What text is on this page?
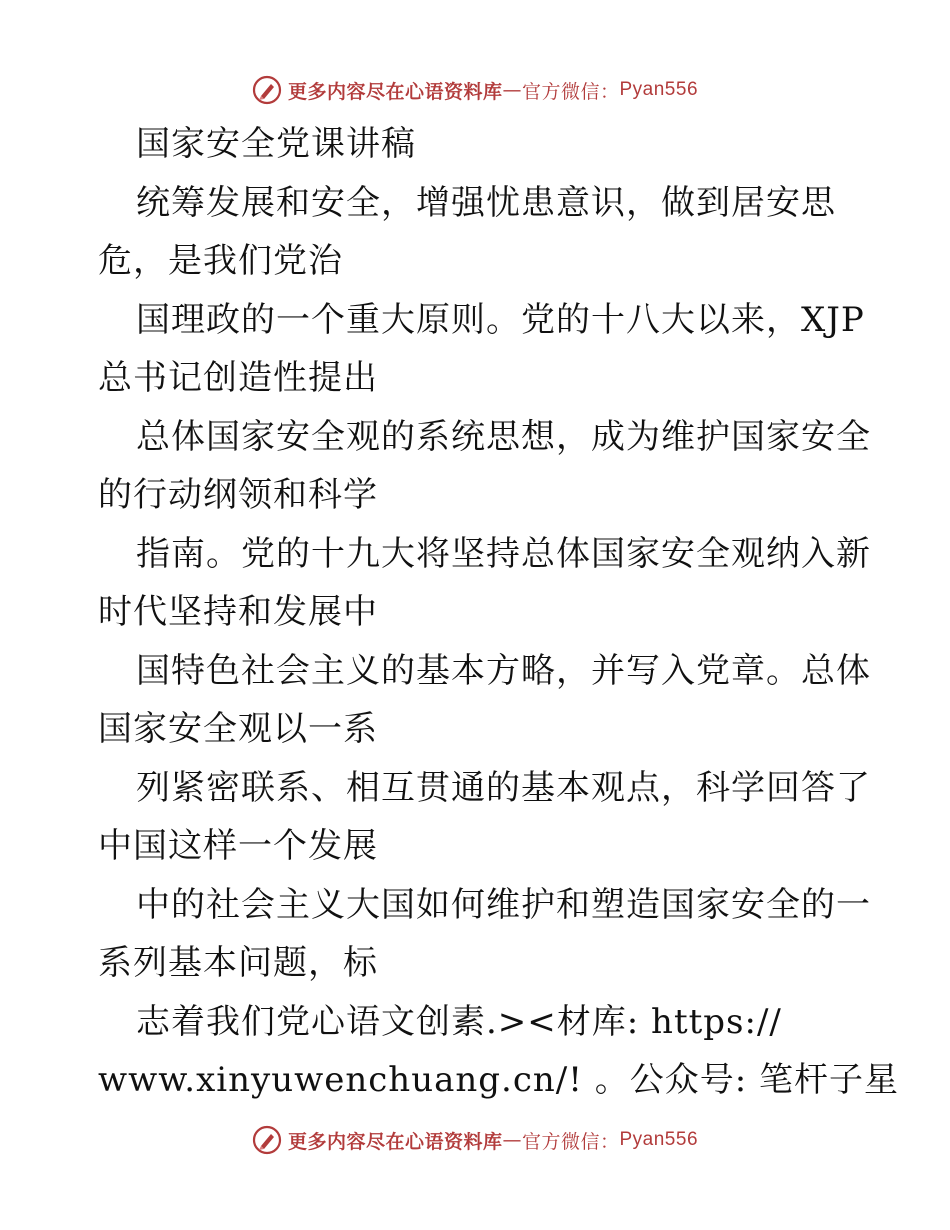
更多内容尽在心语资料库 — 官方微信： Pyan556
国家安全党课讲稿
统筹发展和安全，增强忧患意识，做到居安思
危，是我们党治
国理政的一个重大原则。党的十八大以来，XJP
总书记创造性提出
总体国家安全观的系统思想，成为维护国家安全
的行动纲领和科学
指南。党的十九大将坚持总体国家安全观纳入新
时代坚持和发展中
国特色社会主义的基本方略，并写入党章。总体
国家安全观以一系
列紧密联系、相互贯通的基本观点，科学回答了
中国这样一个发展
中的社会主义大国如何维护和塑造国家安全的一
系列基本问题，标
志着我们党心语文创素.><材库: https://
www.xinyuwenchuang.cn/! 。公众号: 笔杆子星
更多内容尽在心语资料库 — 官方微信： Pyan556
